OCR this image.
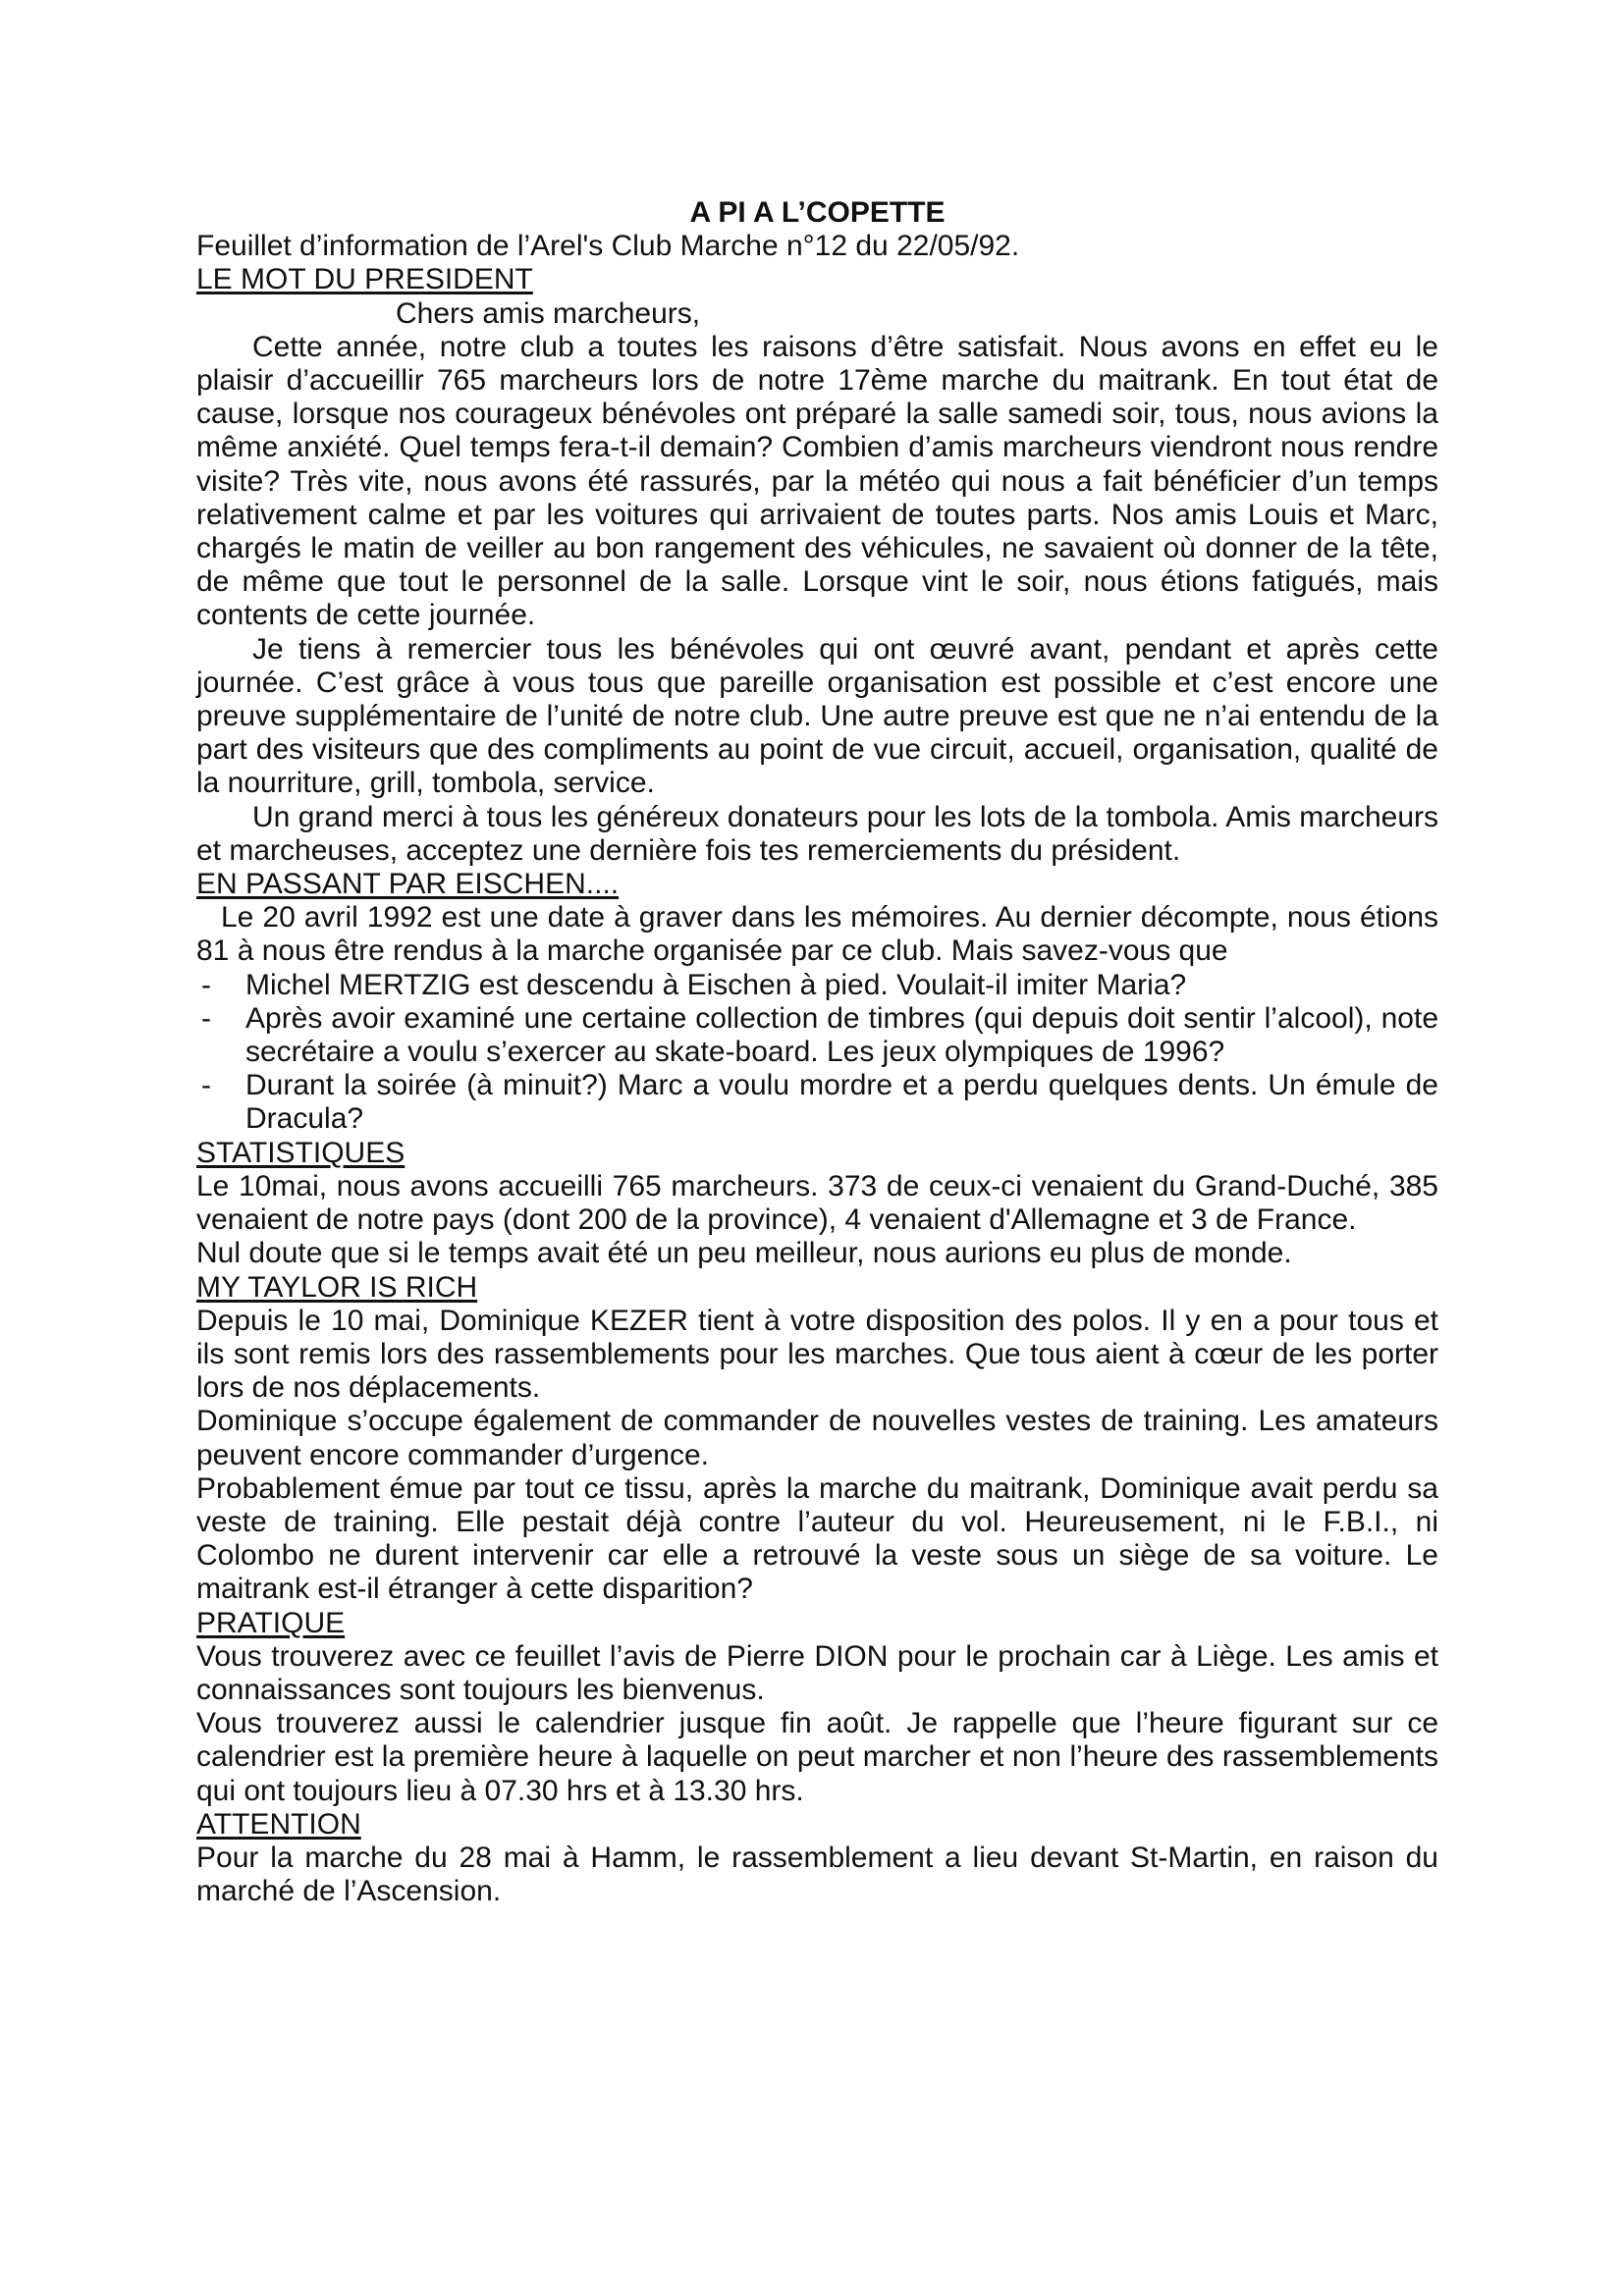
A PI A L’COPETTE

Feuillet d’information de l’Arel's Club Marche n°12 du 22/05/92.

LE MOT DU PRESIDENT

Chers amis marcheurs,

Cette année, notre club a toutes les raisons d’être satisfait. Nous avons en effet eu le plaisir d’accueillir 765 marcheurs lors de notre 17ème marche du maitrank. En tout état de cause, lorsque nos courageux bénévoles ont préparé la salle samedi soir, tous, nous avions la même anxiété. Quel temps fera-t-il demain? Combien d’amis marcheurs viendront nous rendre visite? Très vite, nous avons été rassurés, par la météo qui nous a fait bénéficier d’un temps relativement calme et par les voitures qui arrivaient de toutes parts. Nos amis Louis et Marc, chargés le matin de veiller au bon rangement des véhicules, ne savaient où donner de la tête, de même que tout le personnel de la salle. Lorsque vint le soir, nous étions fatigués, mais contents de cette journée.

Je tiens à remercier tous les bénévoles qui ont œuvré avant, pendant et après cette journée. C’est grâce à vous tous que pareille organisation est possible et c’est encore une preuve supplémentaire de l’unité de notre club. Une autre preuve est que ne n’ai entendu de la part des visiteurs que des compliments au point de vue circuit, accueil, organisation, qualité de la nourriture, grill, tombola, service.

Un grand merci à tous les généreux donateurs pour les lots de la tombola. Amis marcheurs et marcheuses, acceptez une dernière fois tes remerciements du président.

EN PASSANT PAR EISCHEN....

Le 20 avril 1992 est une date à graver dans les mémoires. Au dernier décompte, nous étions 81 à nous être rendus à la marche organisée par ce club. Mais savez-vous que

- Michel MERTZIG est descendu à Eischen à pied. Voulait-il imiter Maria?
- Après avoir examiné une certaine collection de timbres (qui depuis doit sentir l’alcool), note secrétaire a voulu s’exercer au skate-board. Les jeux olympiques de 1996?
- Durant la soirée (à minuit?) Marc a voulu mordre et a perdu quelques dents. Un émule de Dracula?

STATISTIQUES

Le 10mai, nous avons accueilli 765 marcheurs. 373 de ceux-ci venaient du Grand-Duché, 385 venaient de notre pays (dont 200 de la province), 4 venaient d'Allemagne et 3 de France.

Nul doute que si le temps avait été un peu meilleur, nous aurions eu plus de monde.

MY TAYLOR IS RICH

Depuis le 10 mai, Dominique KEZER tient à votre disposition des polos. Il y en a pour tous et ils sont remis lors des rassemblements pour les marches. Que tous aient à cœur de les porter lors de nos déplacements.

Dominique s’occupe également de commander de nouvelles vestes de training. Les amateurs peuvent encore commander d’urgence.

Probablement émue par tout ce tissu, après la marche du maitrank, Dominique avait perdu sa veste de training. Elle pestait déjà contre l’auteur du vol. Heureusement, ni le F.B.I., ni Colombo ne durent intervenir car elle a retrouvé la veste sous un siège de sa voiture. Le maitrank est-il étranger à cette disparition?

PRATIQUE

Vous trouverez avec ce feuillet l’avis de Pierre DION pour le prochain car à Liège. Les amis et connaissances sont toujours les bienvenus.

Vous trouverez aussi le calendrier jusque fin août. Je rappelle que l’heure figurant sur ce calendrier est la première heure à laquelle on peut marcher et non l’heure des rassemblements qui ont toujours lieu à 07.30 hrs et à 13.30 hrs.

ATTENTION

Pour la marche du 28 mai à Hamm, le rassemblement a lieu devant St-Martin, en raison du marché de l’Ascension.
